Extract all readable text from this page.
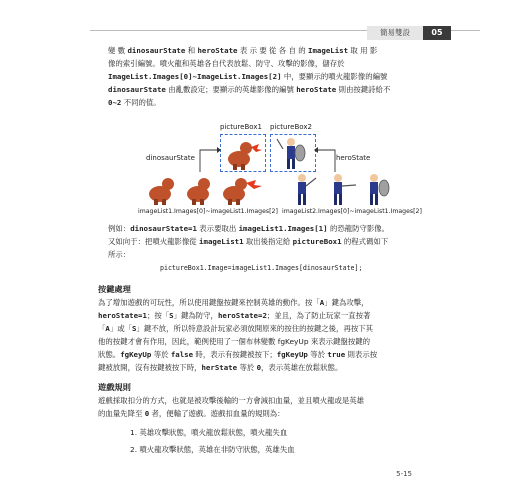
簡易雙設	05
變 數 dinosaurState 和 heroState 表 示 要 從 各 自 的 ImageList 取 用 影
像的索引編號。噴火龍和英雄各自代表放鬆、防守、攻擊的影像，儲存於
ImageList.Images[0]~ImageList.Images[2] 中，要顯示的噴火龍影像的編號
dinosaurState 由亂數設定；要顯示的英雄影像的編號 heroState 則由按鍵詩給不
0~2 不同的值。
pictureBox1 pictureBox2
dinosaurState	heroState
imageList1.Images[0]~imageList1.Images[2] imageList2.Images[0]~imageList1.Images[2]
例如：dinosaurState=1 表示要取出 imageList1.Images[1] 的恐龍防守影像。
又如向于：把噴火龍影像從 imageList1 取出後指定給 pictureBox1 的程式碼如下
所示：
pictureBox1.Image=imageList1.Images[dinosaurState];
按鍵處理
為了增加遊戲的可玩性，所以使用鍵盤按鍵來控制英雄的動作。按「A」鍵為攻擊，
heroState=1；按「S」鍵為防守，heroState=2；並且，為了防止玩家一直按著
「A」或「S」鍵不放，所以特意設計玩家必須放開原來的按住的按鍵之後，再按下其
他的按鍵才會有作用，因此，範例使用了一個布林變數 fgKeyUp 來表示鍵盤按鍵的
狀態。fgKeyUp 等於 false 時，表示有按鍵被按下；fgKeyUp 等於 true 則表示按
鍵被放開，沒有按鍵被按下時，herState 等於 0，表示英雄在放鬆狀態。
遊戲規則
遊戲採取扣分的方式，也就是被攻擊後輸的一方會減扣血量，並且噴火龍或是英雄
的血量先降至 0 者，便輸了遊戲。遊戲扣血量的規則為：
1. 英雄攻擊狀態，噴火龍放鬆狀態，噴火龍失血
2. 噴火龍攻擊狀態，英雄在非防守狀態，英雄失血
5-15
